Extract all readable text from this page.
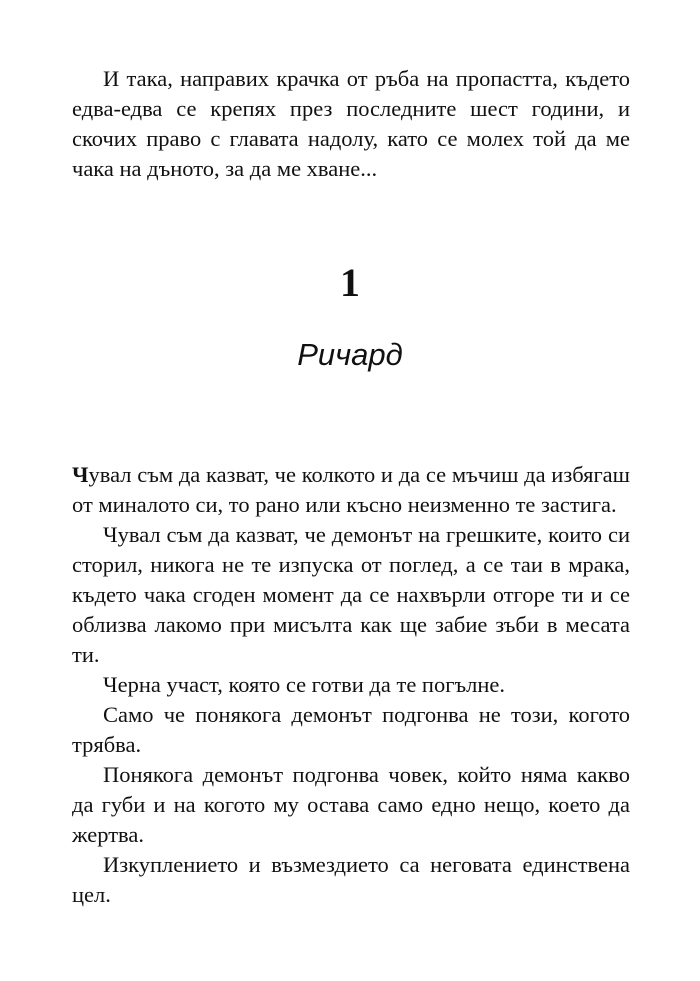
И така, направих крачка от ръба на пропастта, където едва-едва се крепях през последните шест години, и скочих право с главата надолу, като се молех той да ме чака на дъното, за да ме хване...

1
Ричард

Чувал съм да казват, че колкото и да се мъчиш да избягаш от миналото си, то рано или късно неизменно те застига.

Чувал съм да казват, че демонът на грешките, които си сторил, никога не те изпуска от поглед, а се таи в мрака, където чака сгоден момент да се нахвърли отгоре ти и се облизва лакомо при мисълта как ще забие зъби в месата ти.

Черна участ, която се готви да те погълне.

Само че понякога демонът подгонва не този, когото трябва.

Понякога демонът подгонва човек, който няма какво да губи и на когото му остава само едно нещо, което да жертва.

Изкуплението и възмездието са неговата единствена цел.
